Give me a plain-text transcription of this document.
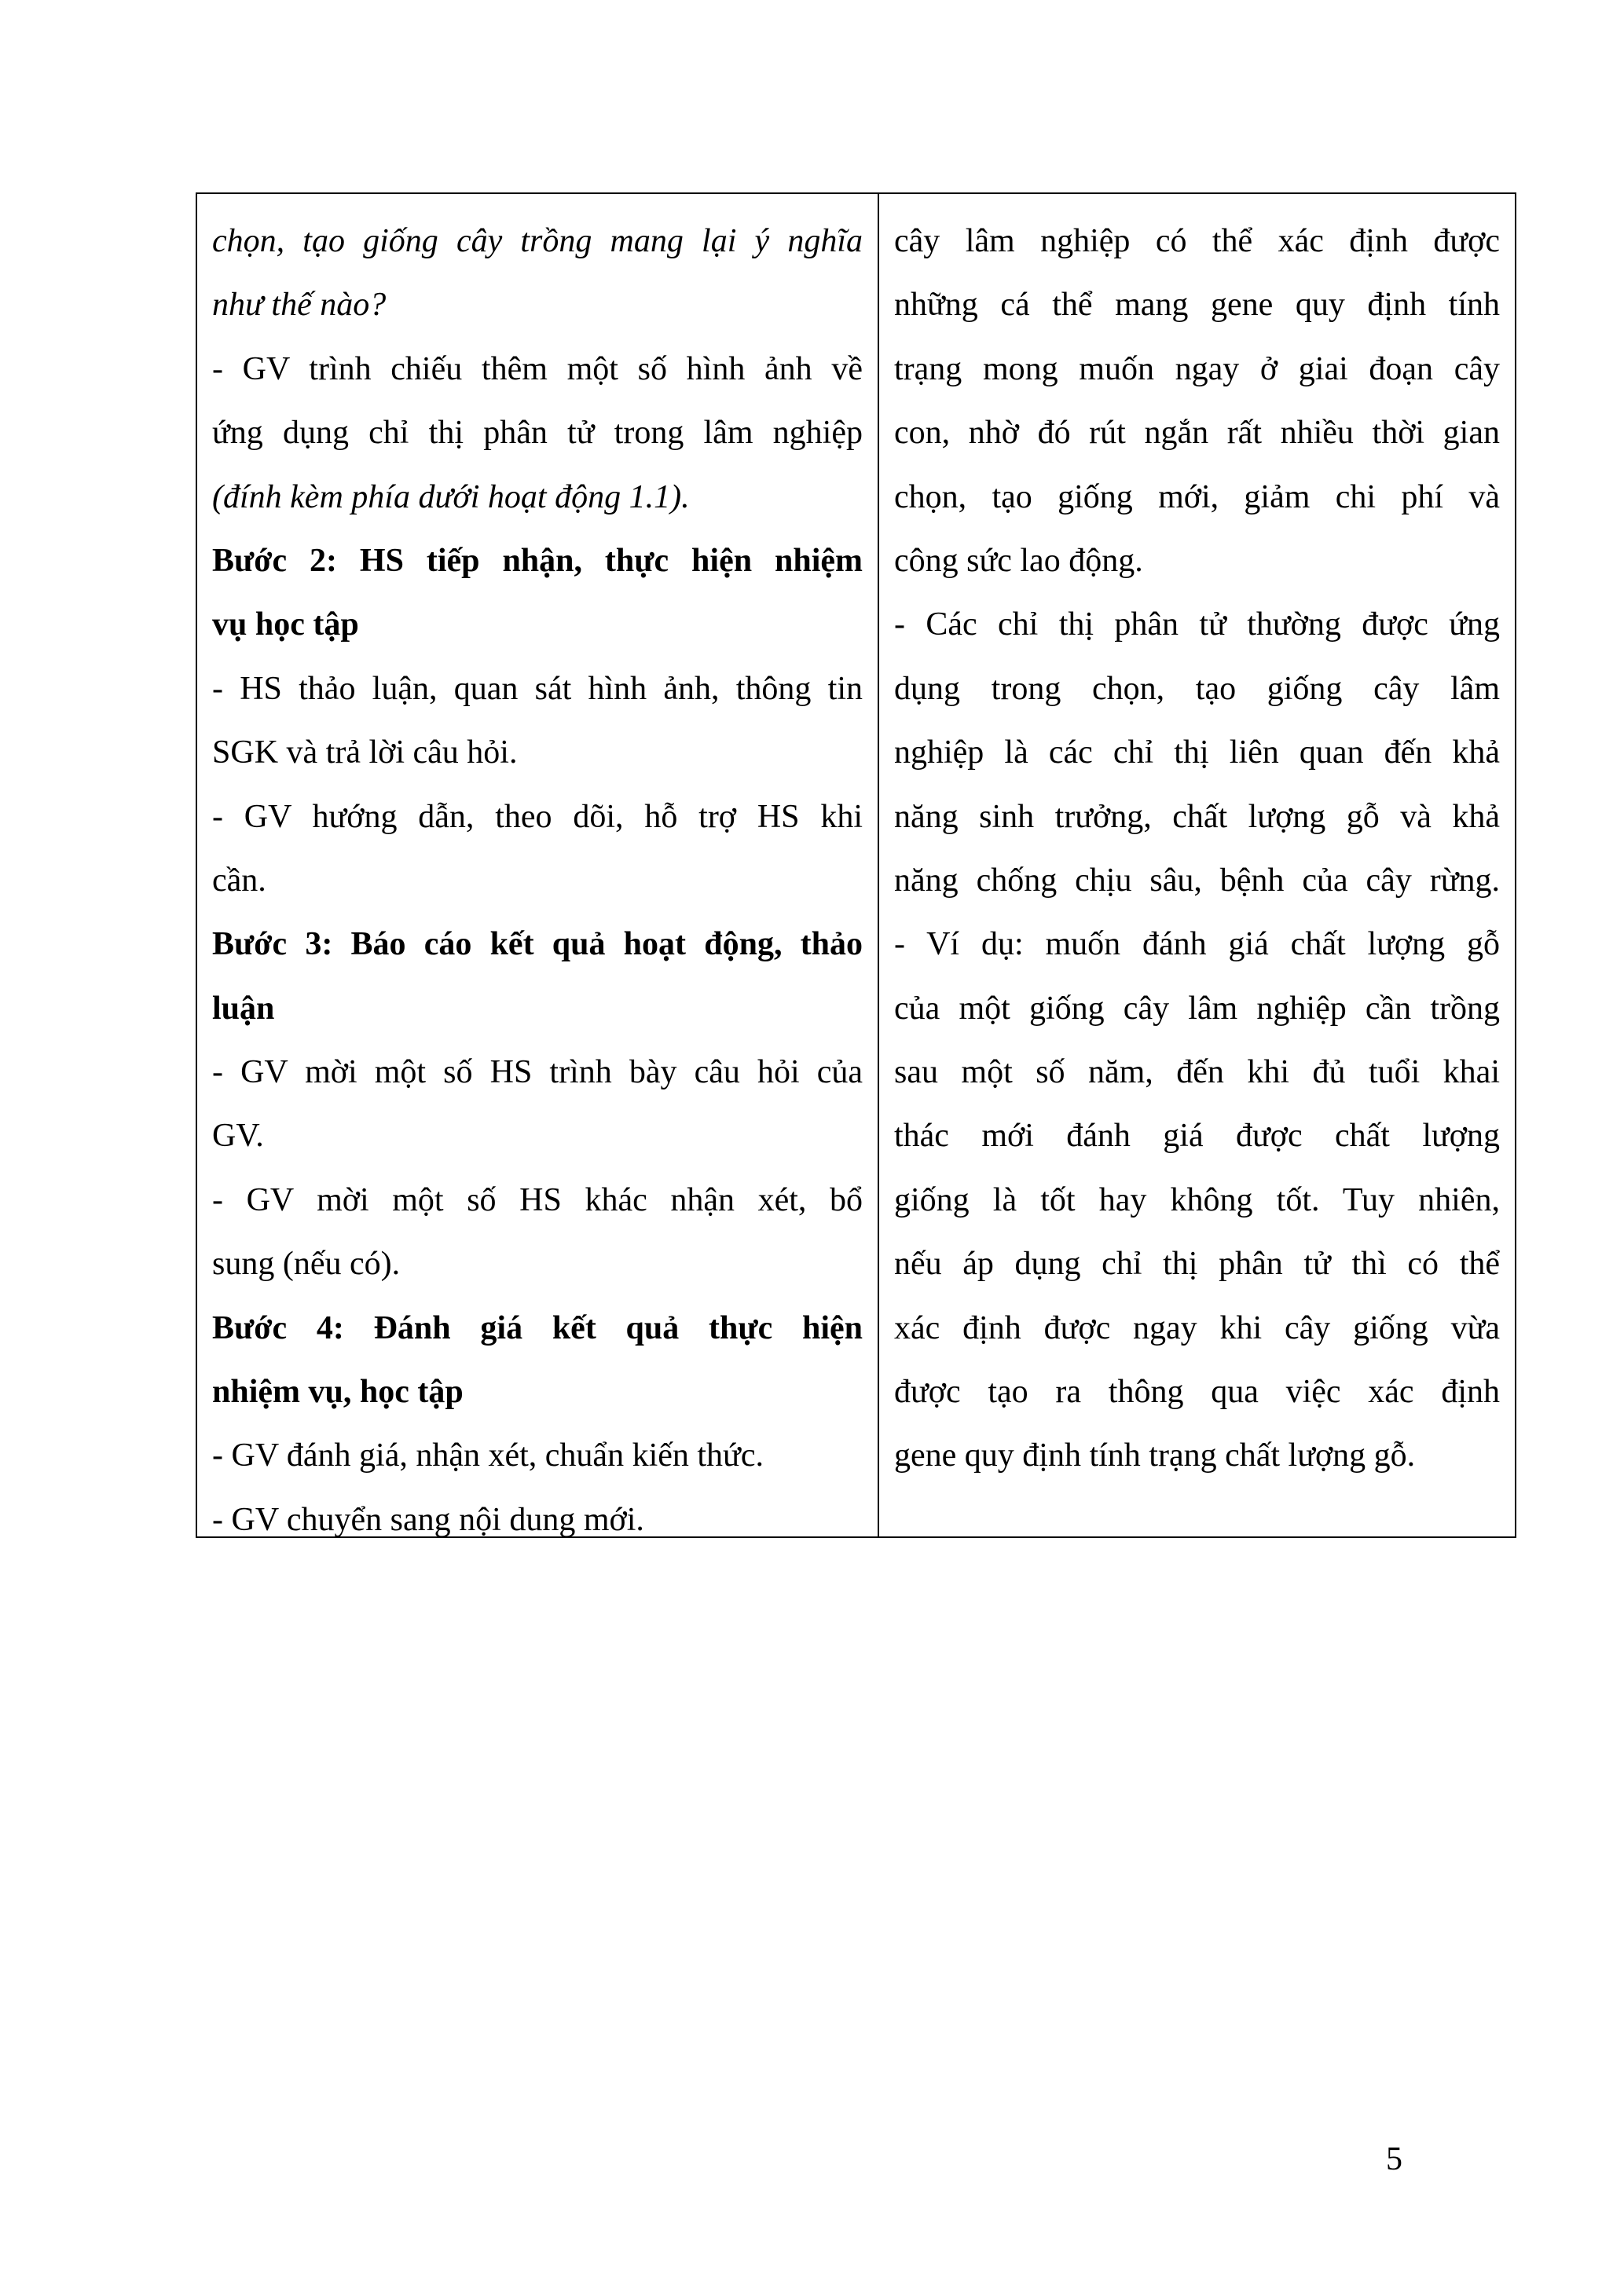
chọn, tạo giống cây trồng mang lại ý nghĩa
như thế nào?
- GV trình chiếu thêm một số hình ảnh về
ứng dụng chỉ thị phân tử trong lâm nghiệp
(đính kèm phía dưới hoạt động 1.1).
Bước 2: HS tiếp nhận, thực hiện nhiệm
vụ học tập
- HS thảo luận, quan sát hình ảnh, thông tin
SGK và trả lời câu hỏi.
- GV hướng dẫn, theo dõi, hỗ trợ HS khi
cần.
Bước 3: Báo cáo kết quả hoạt động, thảo
luận
- GV mời một số HS trình bày câu hỏi của
GV.
- GV mời một số HS khác nhận xét, bổ
sung (nếu có).
Bước 4: Đánh giá kết quả thực hiện
nhiệm vụ, học tập
- GV đánh giá, nhận xét, chuẩn kiến thức.
- GV chuyển sang nội dung mới.
cây lâm nghiệp có thể xác định được
những cá thể mang gene quy định tính
trạng mong muốn ngay ở giai đoạn cây
con, nhờ đó rút ngắn rất nhiều thời gian
chọn, tạo giống mới, giảm chi phí và
công sức lao động.
- Các chỉ thị phân tử thường được ứng
dụng trong chọn, tạo giống cây lâm
nghiệp là các chỉ thị liên quan đến khả
năng sinh trưởng, chất lượng gỗ và khả
năng chống chịu sâu, bệnh của cây rừng.
- Ví dụ: muốn đánh giá chất lượng gỗ
của một giống cây lâm nghiệp cần trồng
sau một số năm, đến khi đủ tuổi khai
thác mới đánh giá được chất lượng
giống là tốt hay không tốt. Tuy nhiên,
nếu áp dụng chỉ thị phân tử thì có thể
xác định được ngay khi cây giống vừa
được tạo ra thông qua việc xác định
gene quy định tính trạng chất lượng gỗ.
5
